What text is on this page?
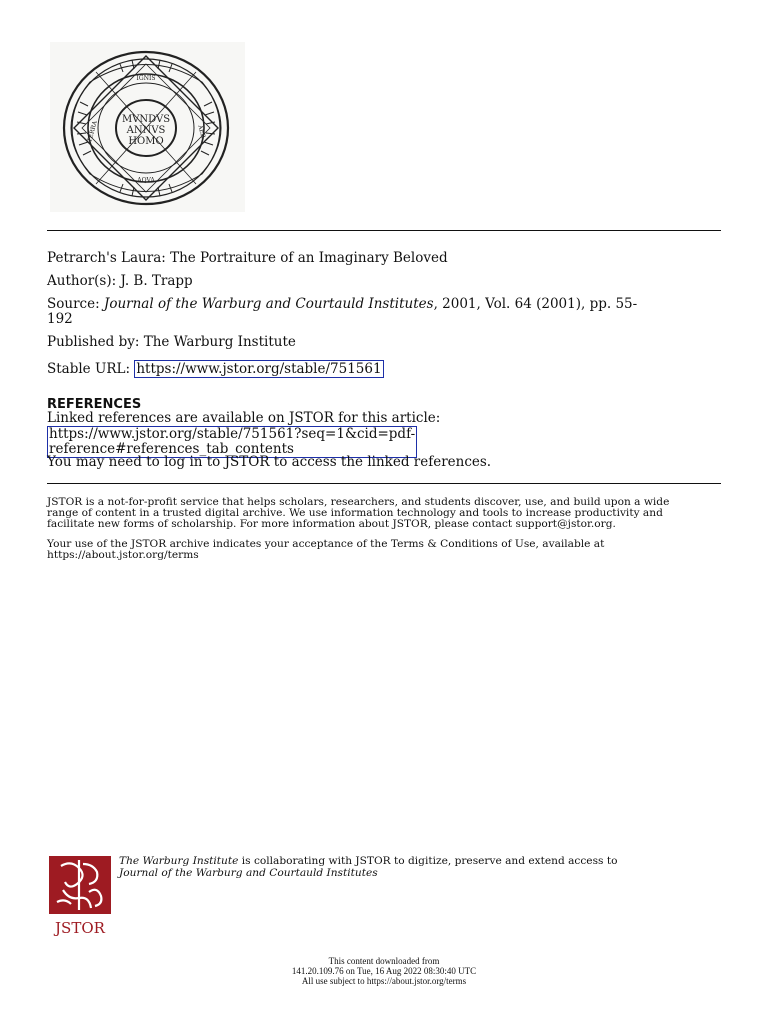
MVNDVS
ANNVS
HOMO
IGNIS
AER
AQVA
TERRA
Petrarch's Laura: The Portraiture of an Imaginary Beloved
Author(s): J. B. Trapp
Source: Journal of the Warburg and Courtauld Institutes, 2001, Vol. 64 (2001), pp. 55-
192
Published by: The Warburg Institute
Stable URL: https://www.jstor.org/stable/751561
REFERENCES
Linked references are available on JSTOR for this article:
https://www.jstor.org/stable/751561?seq=1&cid=pdf-
reference#references_tab_contents
You may need to log in to JSTOR to access the linked references.

JSTOR is a not-for-profit service that helps scholars, researchers, and students discover, use, and build upon a wide

range of content in a trusted digital archive. We use information technology and tools to increase productivity and

facilitate new forms of scholarship. For more information about JSTOR, please contact support@jstor.org.

Your use of the JSTOR archive indicates your acceptance of the Terms & Conditions of Use, available at

https://about.jstor.org/terms

JSTOR
The Warburg Institute is collaborating with JSTOR to digitize, preserve and extend access to
Journal of the Warburg and Courtauld Institutes
This content downloaded from
141.20.109.76 on Tue, 16 Aug 2022 08:30:40 UTC
All use subject to https://about.jstor.org/terms
